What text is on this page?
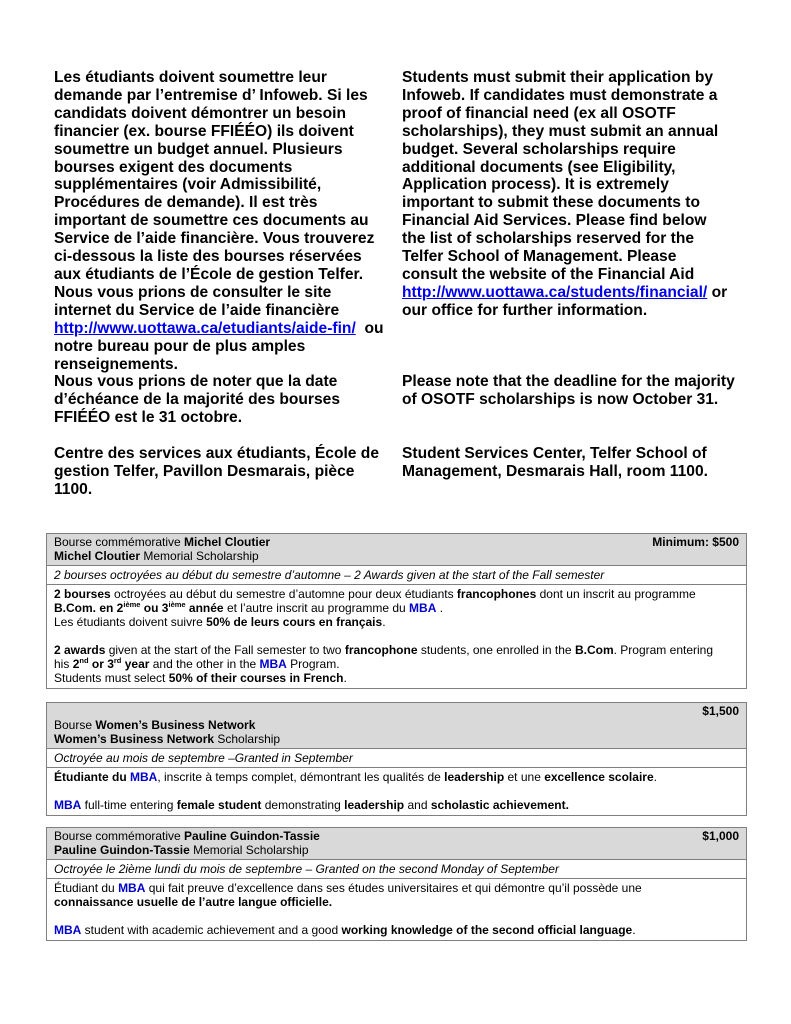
Les étudiants doivent soumettre leur
demande par l’entremise d’ Infoweb. Si les
candidats doivent démontrer un besoin
financier (ex. bourse FFIÉÉO) ils doivent
soumettre un budget annuel. Plusieurs
bourses exigent des documents
supplémentaires (voir Admissibilité,
Procédures de demande). Il est très
important de soumettre ces documents au
Service de l’aide financière. Vous trouverez
ci-dessous la liste des bourses réservées
aux étudiants de l’École de gestion Telfer.
Nous vous prions de consulter le site
internet du Service de l’aide financière
http://www.uottawa.ca/etudiants/aide-fin/  ou
notre bureau pour de plus amples
renseignements.

Nous vous prions de noter que la date
d’échéance de la majorité des bourses
FFIÉÉO est le 31 octobre.

Centre des services aux étudiants, École de
gestion Telfer, Pavillon Desmarais, pièce
1100.

Students must submit their application by
Infoweb. If candidates must demonstrate a
proof of financial need (ex all OSOTF
scholarships), they must submit an annual
budget. Several scholarships require
additional documents (see Eligibility,
Application process). It is extremely
important to submit these documents to
Financial Aid Services. Please find below
the list of scholarships reserved for the
Telfer School of Management. Please
consult the website of the Financial Aid
http://www.uottawa.ca/students/financial/ or
our office for further information.

Please note that the deadline for the majority
of OSOTF scholarships is now October 31.

Student Services Center, Telfer School of
Management, Desmarais Hall, room 1100.

Bourse commémorative Michel Cloutier
Michel Cloutier Memorial Scholarship
Minimum: $500
2 bourses octroyées au début du semestre d’automne – 2 Awards given at the start of the Fall semester
2 bourses octroyées au début du semestre d’automne pour deux étudiants francophones dont un inscrit au programme
B.Com. en 2ième ou 3ième année et l’autre inscrit au programme du MBA .
Les étudiants doivent suivre 50% de leurs cours en français.
2 awards given at the start of the Fall semester to two francophone students, one enrolled in the B.Com. Program entering
his 2nd or 3rd year and the other in the MBA Program.
Students must select 50% of their courses in French.
Bourse Women’s Business Network
Women’s Business Network Scholarship
$1,500
Octroyée au mois de septembre –Granted in September
Étudiante du MBA, inscrite à temps complet, démontrant les qualités de leadership et une excellence scolaire.
MBA full-time entering female student demonstrating leadership and scholastic achievement.
Bourse commémorative Pauline Guindon-Tassie
Pauline Guindon-Tassie Memorial Scholarship
$1,000
Octroyée le 2ième lundi du mois de septembre – Granted on the second Monday of September
Étudiant du MBA qui fait preuve d’excellence dans ses études universitaires et qui démontre qu’il possède une
connaissance usuelle de l’autre langue officielle.
MBA student with academic achievement and a good working knowledge of the second official language.
